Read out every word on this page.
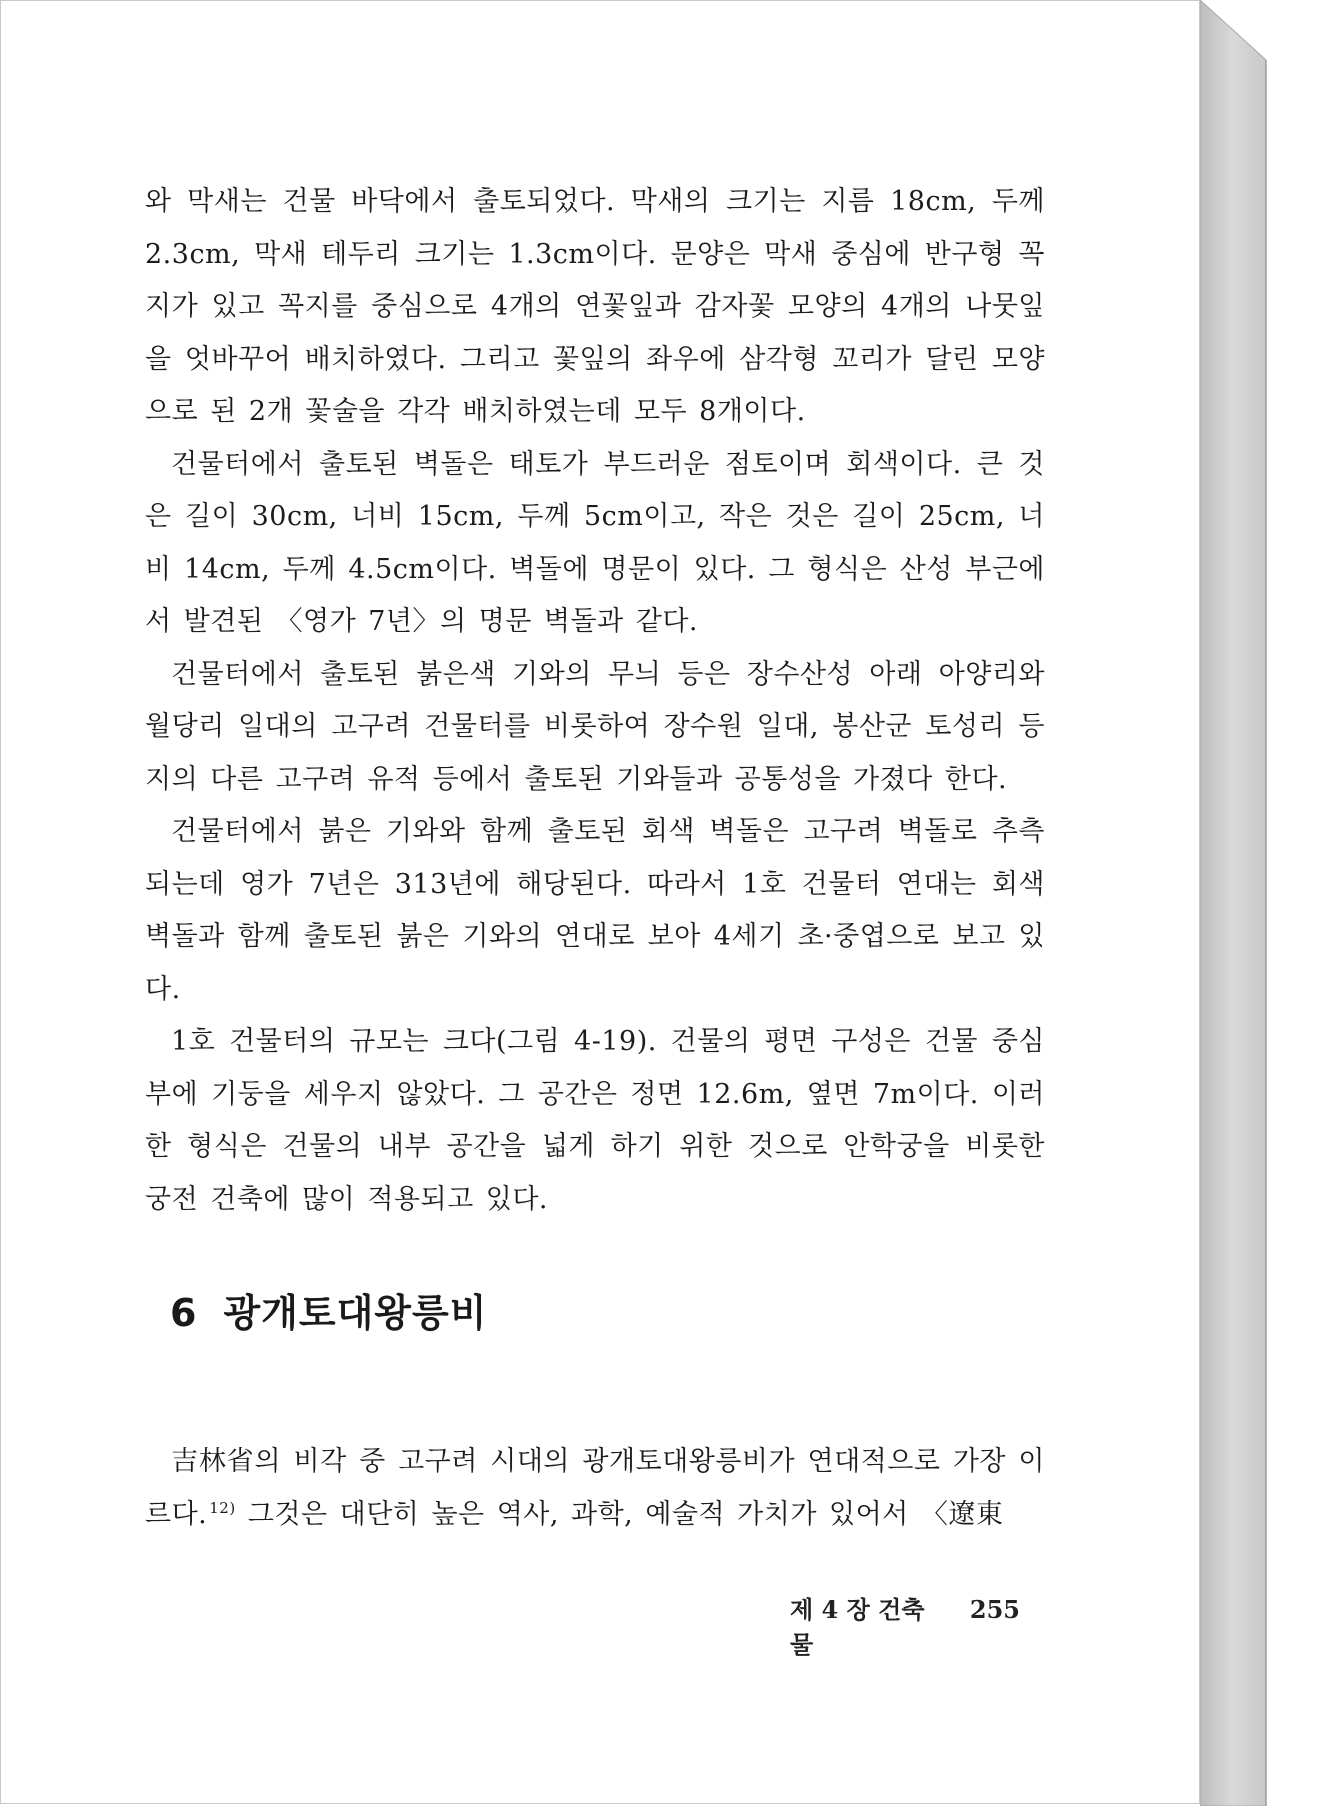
와 막새는 건물 바닥에서 출토되었다. 막새의 크기는 지름 18cm, 두께 2.3cm, 막새 테두리 크기는 1.3cm이다. 문양은 막새 중심에 반구형 꼭지가 있고 꼭지를 중심으로 4개의 연꽃잎과 감자꽃 모양의 4개의 나뭇잎을 엇바꾸어 배치하였다. 그리고 꽃잎의 좌우에 삼각형 꼬리가 달린 모양으로 된 2개 꽃술을 각각 배치하였는데 모두 8개이다.

건물터에서 출토된 벽돌은 태토가 부드러운 점토이며 회색이다. 큰 것은 길이 30cm, 너비 15cm, 두께 5cm이고, 작은 것은 길이 25cm, 너비 14cm, 두께 4.5cm이다. 벽돌에 명문이 있다. 그 형식은 산성 부근에서 발견된 〈영가 7년〉의 명문 벽돌과 같다.

건물터에서 출토된 붉은색 기와의 무늬 등은 장수산성 아래 아양리와 월당리 일대의 고구려 건물터를 비롯하여 장수원 일대, 봉산군 토성리 등지의 다른 고구려 유적 등에서 출토된 기와들과 공통성을 가졌다 한다.

건물터에서 붉은 기와와 함께 출토된 회색 벽돌은 고구려 벽돌로 추측되는데 영가 7년은 313년에 해당된다. 따라서 1호 건물터 연대는 회색 벽돌과 함께 출토된 붉은 기와의 연대로 보아 4세기 초·중엽으로 보고 있다.

1호 건물터의 규모는 크다(그림 4-19). 건물의 평면 구성은 건물 중심부에 기둥을 세우지 않았다. 그 공간은 정면 12.6m, 옆면 7m이다. 이러한 형식은 건물의 내부 공간을 넓게 하기 위한 것으로 안학궁을 비롯한 궁전 건축에 많이 적용되고 있다.

6 광개토대왕릉비

吉林省의 비각 중 고구려 시대의 광개토대왕릉비가 연대적으로 가장 이르다. $^{12)}$ 그것은 대단히 높은 역사, 과학, 예술적 가치가 있어서 〈遼東

제 4 장 건축물
255
